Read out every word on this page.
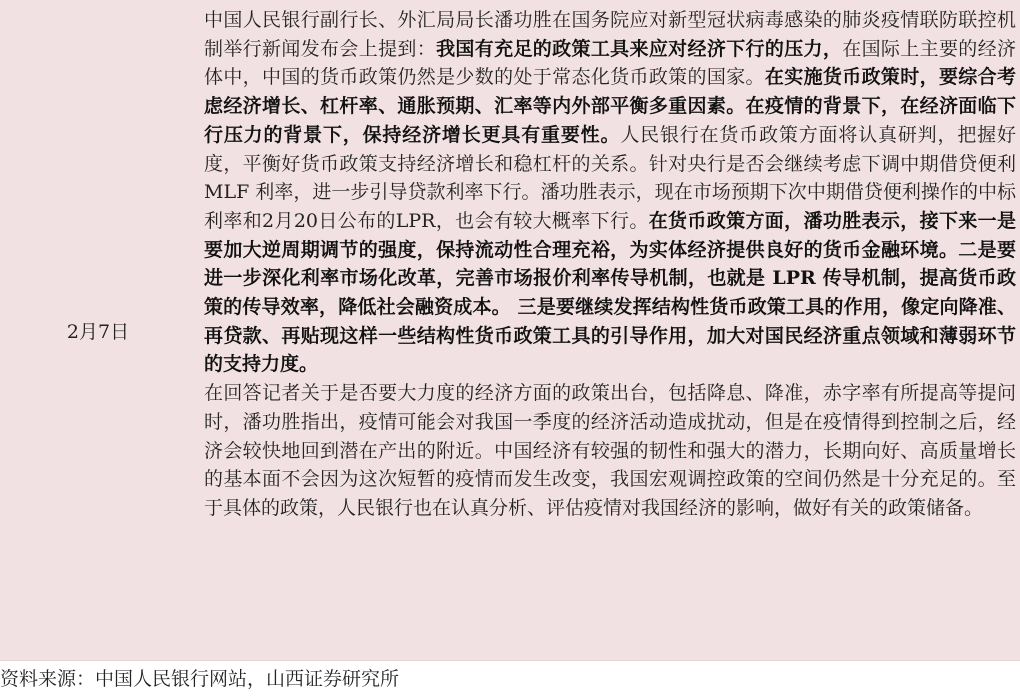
2月7日

中国人民银行副行长、外汇局局长潘功胜在国务院应对新型冠状病毒感染的肺炎疫情联防联控机制举行新闻发布会上提到：我国有充足的政策工具来应对经济下行的压力，在国际上主要的经济体中，中国的货币政策仍然是少数的处于常态化货币政策的国家。在实施货币政策时，要综合考虑经济增长、杠杆率、通胀预期、汇率等内外部平衡多重因素。在疫情的背景下，在经济面临下行压力的背景下，保持经济增长更具有重要性。人民银行在货币政策方面将认真研判，把握好度，平衡好货币政策支持经济增长和稳杠杆的关系。针对央行是否会继续考虑下调中期借贷便利 MLF 利率，进一步引导贷款利率下行。潘功胜表示，现在市场预期下次中期借贷便利操作的中标利率和2月20日公布的LPR，也会有较大概率下行。在货币政策方面，潘功胜表示，接下来一是要加大逆周期调节的强度，保持流动性合理充裕，为实体经济提供良好的货币金融环境。二是要进一步深化利率市场化改革，完善市场报价利率传导机制，也就是 LPR 传导机制，提高货币政策的传导效率，降低社会融资成本。 三是要继续发挥结构性货币政策工具的作用，像定向降准、再贷款、再贴现这样一些结构性货币政策工具的引导作用，加大对国民经济重点领域和薄弱环节的支持力度。

在回答记者关于是否要大力度的经济方面的政策出台，包括降息、降准，赤字率有所提高等提问时，潘功胜指出，疫情可能会对我国一季度的经济活动造成扰动，但是在疫情得到控制之后，经济会较快地回到潜在产出的附近。中国经济有较强的韧性和强大的潜力，长期向好、高质量增长的基本面不会因为这次短暂的疫情而发生改变，我国宏观调控政策的空间仍然是十分充足的。至于具体的政策，人民银行也在认真分析、评估疫情对我国经济的影响，做好有关的政策储备。

资料来源：中国人民银行网站，山西证券研究所
